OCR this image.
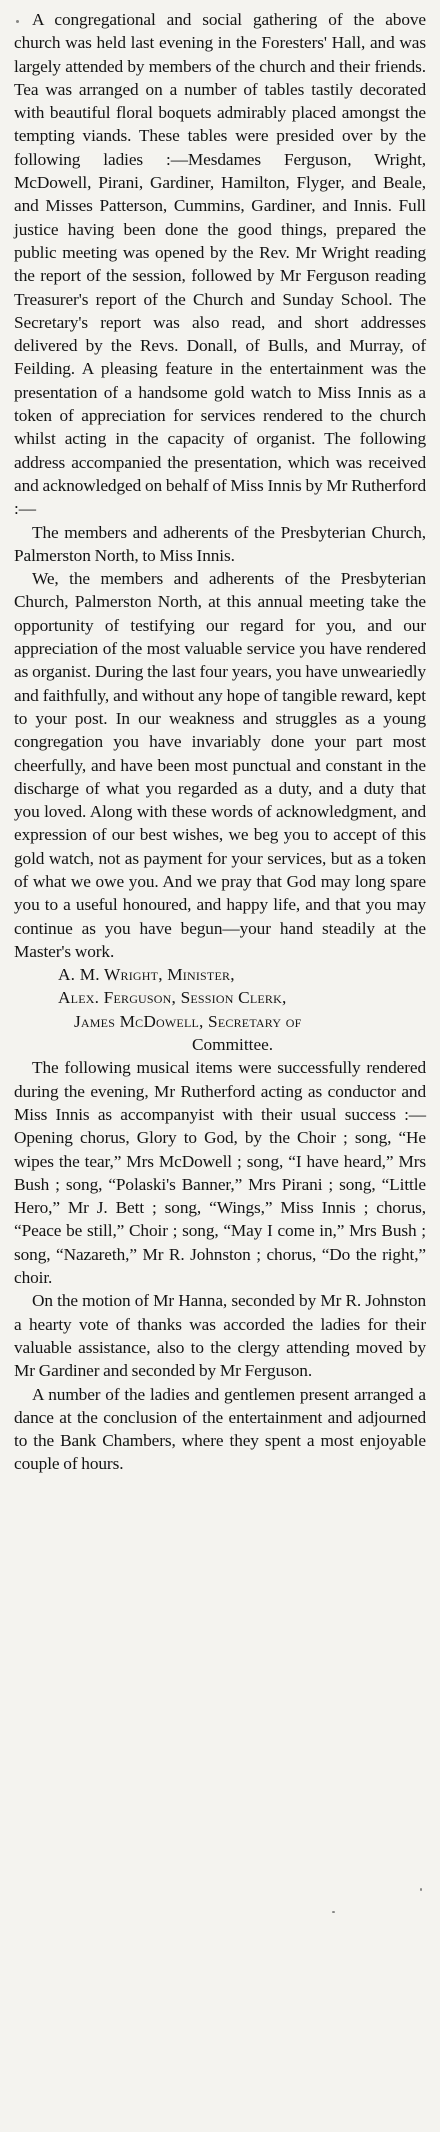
A congregational and social gathering of the above church was held last evening in the Foresters' Hall, and was largely attended by members of the church and their friends. Tea was arranged on a number of tables tastily decorated with beautiful floral boquets admirably placed amongst the tempting viands. These tables were presided over by the following ladies :—Mesdames Ferguson, Wright, McDowell, Pirani, Gardiner, Hamilton, Flyger, and Beale, and Misses Patterson, Cummins, Gardiner, and Innis. Full justice having been done the good things, prepared the public meeting was opened by the Rev. Mr Wright reading the report of the session, followed by Mr Ferguson reading Treasurer's report of the Church and Sunday School. The Secretary's report was also read, and short addresses delivered by the Revs. Donall, of Bulls, and Murray, of Feilding. A pleasing feature in the entertainment was the presentation of a handsome gold watch to Miss Innis as a token of appreciation for services rendered to the church whilst acting in the capacity of organist. The following address accompanied the presentation, which was received and acknowledged on behalf of Miss Innis by Mr Rutherford :—

The members and adherents of the Presbyterian Church, Palmerston North, to Miss Innis.

We, the members and adherents of the Presbyterian Church, Palmerston North, at this annual meeting take the opportunity of testifying our regard for you, and our appreciation of the most valuable service you have rendered as organist. During the last four years, you have unweariedly and faithfully, and without any hope of tangible reward, kept to your post. In our weakness and struggles as a young congregation you have invariably done your part most cheerfully, and have been most punctual and constant in the discharge of what you regarded as a duty, and a duty that you loved. Along with these words of acknowledgment, and expression of our best wishes, we beg you to accept of this gold watch, not as payment for your services, but as a token of what we owe you. And we pray that God may long spare you to a useful honoured, and happy life, and that you may continue as you have begun—your hand steadily at the Master's work.

A. M. Wright, Minister,
Alex. Ferguson, Session Clerk,
James McDowell, Secretary of
Committee.

The following musical items were successfully rendered during the evening, Mr Rutherford acting as conductor and Miss Innis as accompanyist with their usual success :—Opening chorus, Glory to God, by the Choir ; song, “He wipes the tear,” Mrs McDowell ; song, “I have heard,” Mrs Bush ; song, “Polaski's Banner,” Mrs Pirani ; song, “Little Hero,” Mr J. Bett ; song, “Wings,” Miss Innis ; chorus, “Peace be still,” Choir ; song, “May I come in,” Mrs Bush ; song, “Nazareth,” Mr R. Johnston ; chorus, “Do the right,” choir.

On the motion of Mr Hanna, seconded by Mr R. Johnston a hearty vote of thanks was accorded the ladies for their valuable assistance, also to the clergy attending moved by Mr Gardiner and seconded by Mr Ferguson.

A number of the ladies and gentlemen present arranged a dance at the conclusion of the entertainment and adjourned to the Bank Chambers, where they spent a most enjoyable couple of hours.
